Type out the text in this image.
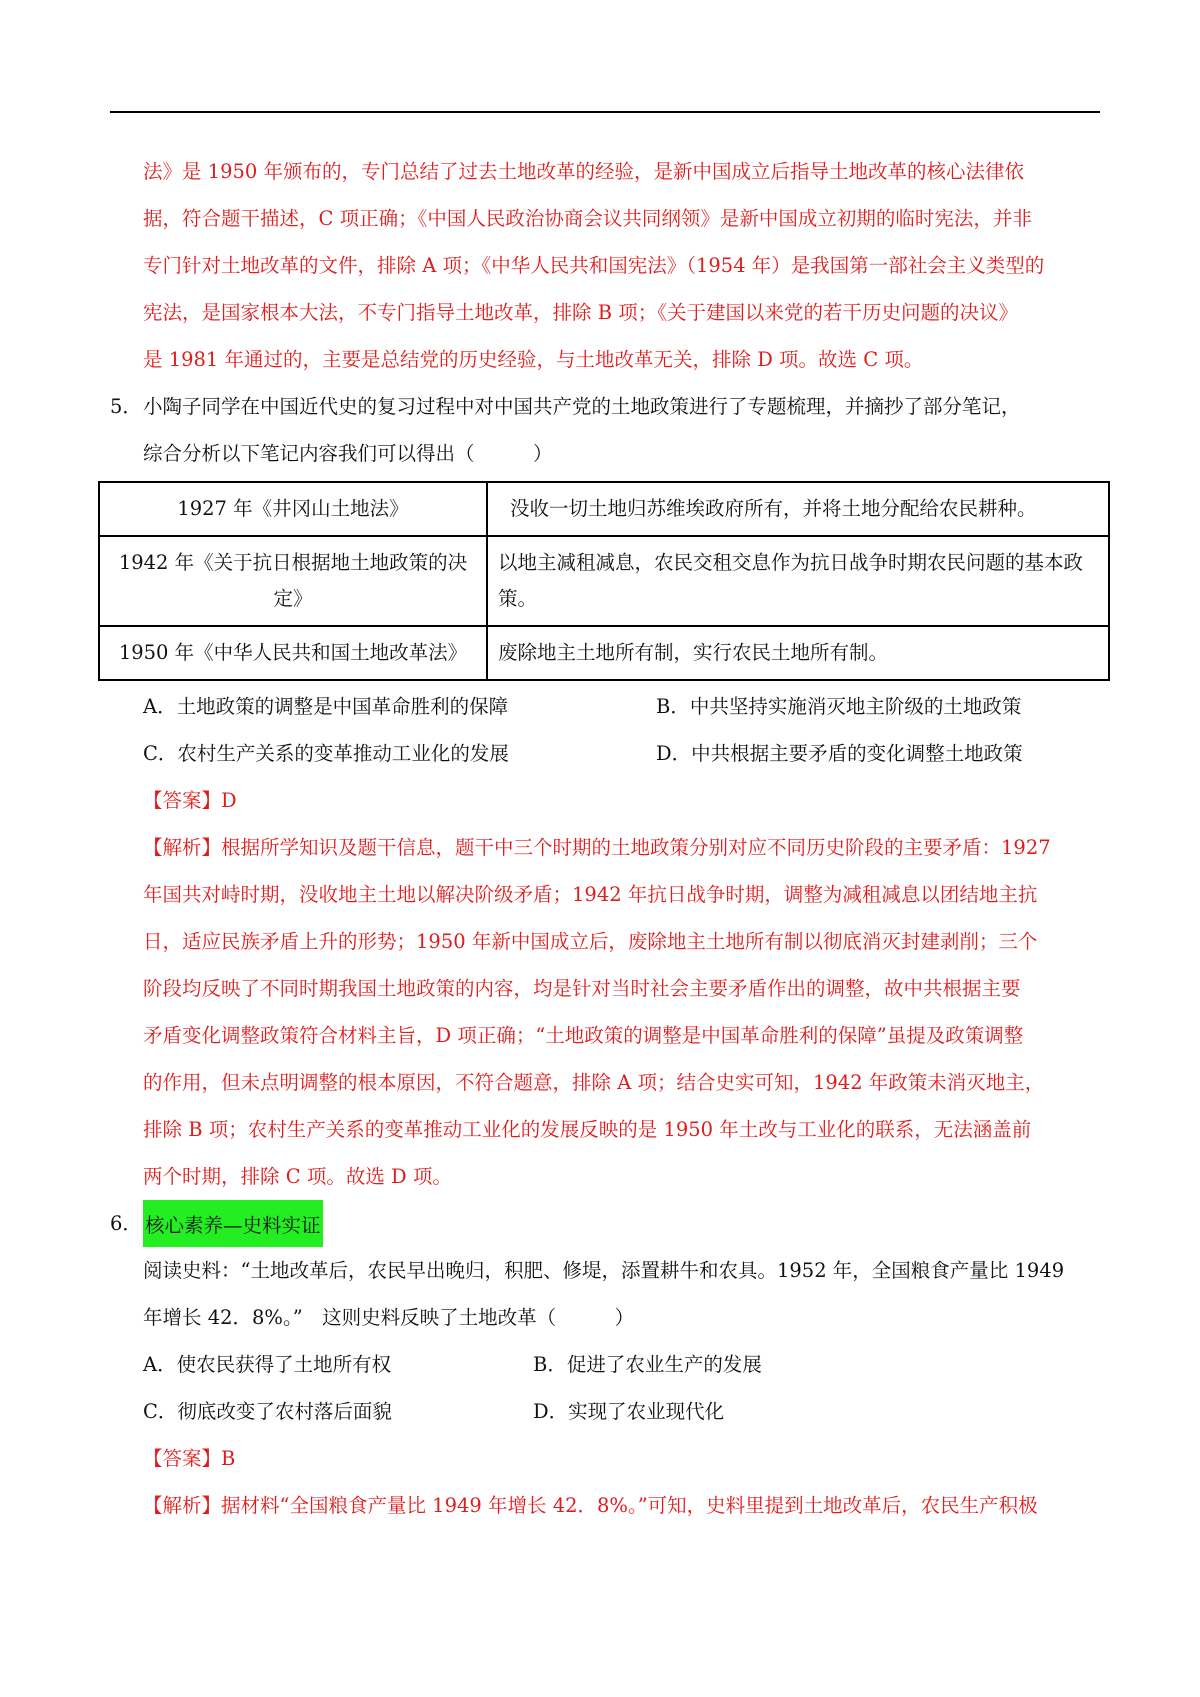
法》是 1950 年颁布的，专门总结了过去土地改革的经验，是新中国成立后指导土地改革的核心法律依
据，符合题干描述，C 项正确；《中国人民政治协商会议共同纲领》是新中国成立初期的临时宪法，并非
专门针对土地改革的文件，排除 A 项；《中华人民共和国宪法》（1954 年）是我国第一部社会主义类型的
宪法，是国家根本大法，不专门指导土地改革，排除 B 项；《关于建国以来党的若干历史问题的决议》
是 1981 年通过的，主要是总结党的历史经验，与土地改革无关，排除 D 项。故选 C 项。
5． 小陶子同学在中国近代史的复习过程中对中国共产党的土地政策进行了专题梳理，并摘抄了部分笔记，
综合分析以下笔记内容我们可以得出（　　　）
1927 年《井冈山土地法》	没收一切土地归苏维埃政府所有，并将土地分配给农民耕种。
1942 年《关于抗日根据地土地政策的决定》	以地主减租减息，农民交租交息作为抗日战争时期农民问题的基本政策。
1950 年《中华人民共和国土地改革法》	废除地主土地所有制，实行农民土地所有制。
A．土地政策的调整是中国革命胜利的保障	B．中共坚持实施消灭地主阶级的土地政策
C．农村生产关系的变革推动工业化的发展	D．中共根据主要矛盾的变化调整土地政策
【答案】D
【解析】根据所学知识及题干信息，题干中三个时期的土地政策分别对应不同历史阶段的主要矛盾：1927
年国共对峙时期，没收地主土地以解决阶级矛盾；1942 年抗日战争时期，调整为减租减息以团结地主抗
日，适应民族矛盾上升的形势；1950 年新中国成立后，废除地主土地所有制以彻底消灭封建剥削；三个
阶段均反映了不同时期我国土地政策的内容，均是针对当时社会主要矛盾作出的调整，故中共根据主要
矛盾变化调整政策符合材料主旨，D 项正确；“土地政策的调整是中国革命胜利的保障”虽提及政策调整
的作用，但未点明调整的根本原因，不符合题意，排除 A 项；结合史实可知，1942 年政策未消灭地主，
排除 B 项；农村生产关系的变革推动工业化的发展反映的是 1950 年土改与工业化的联系，无法涵盖前
两个时期，排除 C 项。故选 D 项。
6． 核心素养—史料实证
阅读史料：“土地改革后，农民早出晚归，积肥、修堤，添置耕牛和农具。1952 年，全国粮食产量比 1949
年增长 42．8%。”　这则史料反映了土地改革（　　　）
A．使农民获得了土地所有权	B．促进了农业生产的发展
C．彻底改变了农村落后面貌	D．实现了农业现代化
【答案】B
【解析】据材料“全国粮食产量比 1949 年增长 42．8%。”可知，史料里提到土地改革后，农民生产积极
